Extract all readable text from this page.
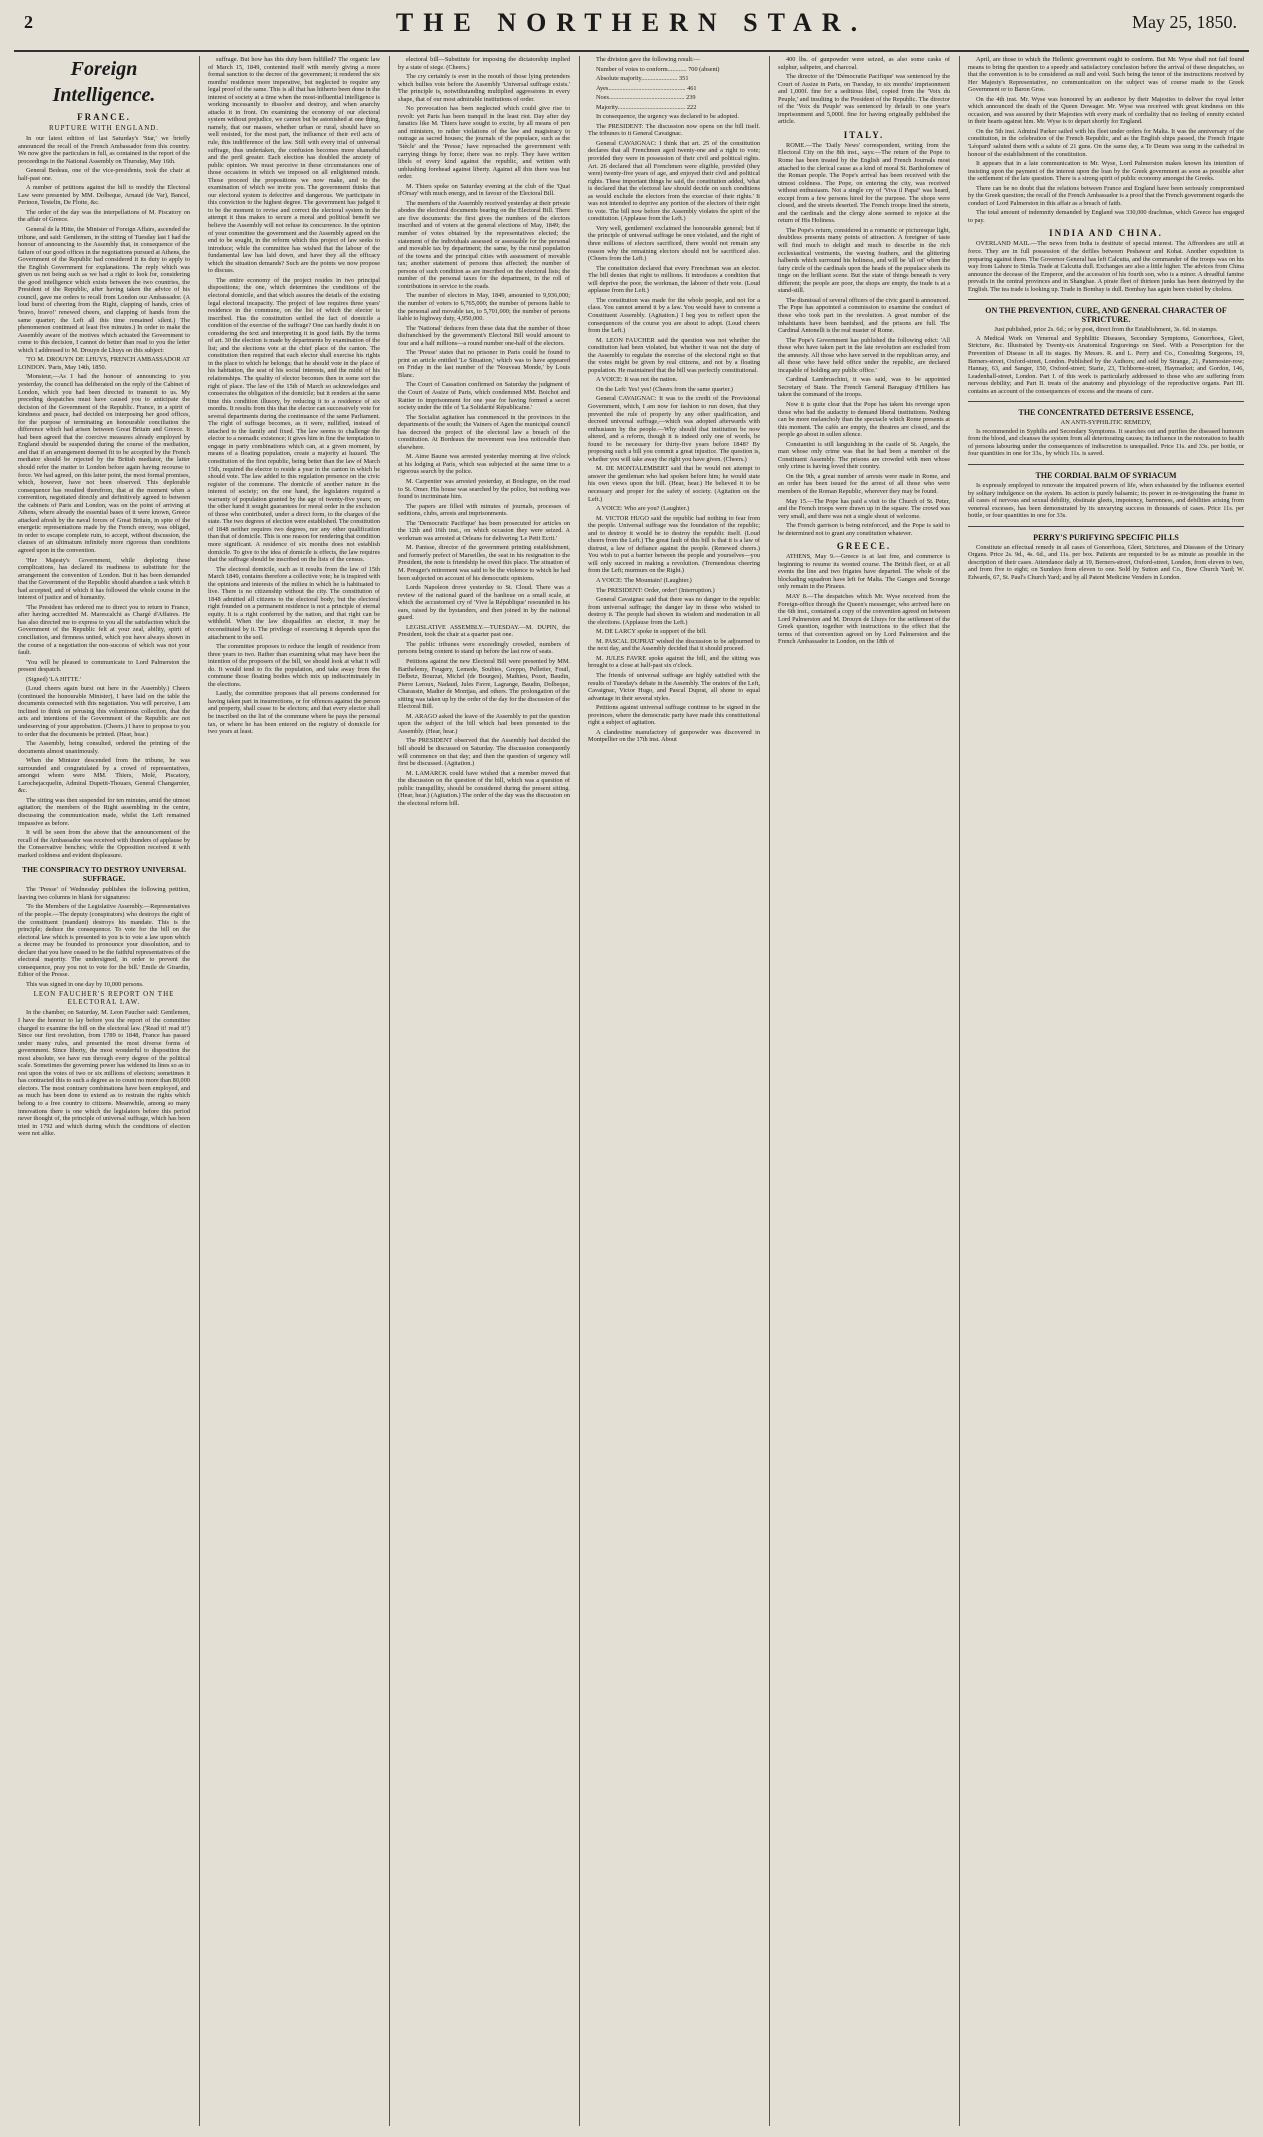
2	THE NORTHERN STAR.	May 25, 1850.
Foreign Intelligence.
FRANCE.
RUPTURE WITH ENGLAND.

In our latest edition of last Saturday's 'Star,' we briefly announced the recall of the French Ambassador from this country. We now give the particulars in full, as contained in the report of the proceedings in the National Assembly on Thursday, May 16th.

General Bedeau, one of the vice-presidents, took the chair at half-past one.

A number of petitions against the bill to modify the Electoral Law were presented by MM. Dolbeque, Arnaud (de Var), Bancel, Perinon, Testelin, De Flotte, &c.

The order of the day was the interpellations of M. Piscatory on the affair of Greece.

General de la Hitte, the Minister of Foreign Affairs, ascended the tribune, and said: Gentlemen, in the sitting of Tuesday last I had the honour of announcing to the Assembly that, in consequence of the failure of our good offices in the negotiations pursued at Athens, the Government of the Republic had considered it its duty to apply to the English Government for explanations. The reply which was given us not being such as we had a right to look for, considering the good intelligence which exists between the two countries, the President of the Republic, after having taken the advice of his council, gave me orders to recall from London our Ambassador. (A loud burst of cheering from the Right, clapping of hands, cries of 'bravo, bravo!' renewed cheers, and clapping of hands from the same quarter; the Left all this time remained silent.) The phenomenon continued at least five minutes.) In order to make the Assembly aware of the motives which actuated the Government to come to this decision, I cannot do better than read to you the letter which I addressed to M. Drouyn de Lhuys on this subject:

'TO M. DROUYN DE LHUYS, FRENCH AMBASSADOR AT LONDON. 'Paris, May 14th, 1850.

'Monsieur,—As I had the honour of announcing to you yesterday, the council has deliberated on the reply of the Cabinet of London, which you had been directed to transmit to us. My preceding despatches must have caused you to anticipate the decision of the Government of the Republic. France, in a spirit of kindness and peace, had decided on interposing her good offices, for the purpose of terminating an honourable conciliation the difference which had arisen between Great Britain and Greece. It had been agreed that the coercive measures already employed by England should be suspended during the course of the mediation, and that if an arrangement deemed fit to be accepted by the French mediator should be rejected by the British mediator, the latter should refer the matter to London before again having recourse to force. We had agreed, on this latter point, the most formal promises, which, however, have not been observed. This deplorable consequence has resulted therefrom, that at the moment when a convention, negotiated directly and definitively agreed to between the cabinets of Paris and London, was on the point of arriving at Athens, where already the essential bases of it were known, Greece attacked afresh by the naval forces of Great Britain, in spite of the energetic representations made by the French envoy, was obliged, in order to escape complete ruin, to accept, without discussion, the clauses of an ultimatum infinitely more rigorous than conditions agreed upon in the convention.

'Her Majesty's Government, while deploring these complications, has declared its readiness to substitute for the arrangement the convention of London. But it has been demanded that the Government of the Republic should abandon a task which it had accepted, and of which it has followed the whole course in the interest of justice and of humanity.

'The President has ordered me to direct you to return to France, after having accredited M. Marescalchi as Chargé d'Affaires. He has also directed me to express to you all the satisfaction which the Government of the Republic felt at your zeal, ability, spirit of conciliation, and firmness united, which you have always shown in the course of a negotiation the non-success of which was not your fault.

'You will be pleased to communicate to Lord Palmerston the present despatch.

(Signed) 'LA HITTE.'

(Loud cheers again burst out here in the Assembly.) Cheers (continued the honourable Minister), I have laid on the table the documents connected with this negotiation. You will perceive, I am inclined to think on perusing this voluminous collection, that the acts and intentions of the Government of the Republic are not undeserving of your approbation. (Cheers.) I have to propose to you to order that the documents be printed. (Hear, hear.)

The Assembly, being consulted, ordered the printing of the documents almost unanimously.

When the Minister descended from the tribune, he was surrounded and congratulated by a crowd of representatives, amongst whom were MM. Thiers, Molé, Piscatory, Larochejacquelin, Admiral Dupetit-Thouars, General Changarnier, &c.

The sitting was then suspended for ten minutes, amid the utmost agitation; the members of the Right assembling in the centre, discussing the communication made, whilst the Left remained impassive as before.

It will be seen from the above that the announcement of the recall of the Ambassador was received with thunders of applause by the Conservative benches; while the Opposition received it with marked coldness and evident displeasure.

THE CONSPIRACY TO DESTROY UNIVERSAL SUFFRAGE.

The 'Presse' of Wednesday publishes the following petition, leaving two columns in blank for signatures:

'To the Members of the Legislative Assembly.—Representatives of the people.—The deputy (conspirators) who destroys the right of the constituent (mandant) destroys his mandate. This is the principle; deduce the consequence. To vote for the bill on the electoral law which is presented to you is to vote a law upon which a decree may be founded to pronounce your dissolution, and to declare that you have ceased to be the faithful representatives of the electoral majority. The undersigned, in order to prevent the consequence, pray you not to vote for the bill.' Emile de Girardin, Editor of the Presse.

This was signed in one day by 10,000 persons.

LEON FAUCHER'S REPORT ON THE ELECTORAL LAW.

In the chamber, on Saturday, M. Leon Faucher said: Gentlemen, I have the honour to lay before you the report of the committee charged to examine the bill on the electoral law. ('Read it! read it!') Since our first revolution, from 1789 to 1848, France has passed under many rules, and presented the most diverse forms of government. Since liberty, the most wonderful to disposition the most absolute, we have run through every degree of the political scale. Sometimes the governing power has widened its lines so as to rest upon the votes of two or six millions of electors; sometimes it has contracted this to such a degree as to count no more than 80,000 electors. The most contrary combinations have been employed, and as much has been done to extend as to restrain the rights which belong to a free country to citizens. Meanwhile, among so many innovations there is one which the legislators before this period never thought of, the principle of universal suffrage, which has been tried in 1792 and which during which the conditions of election were not alike.

suffrage. But how has this duty been fulfilled? The organic law of March 15, 1849, contented itself with merely giving a more formal sanction to the decree of the government; it rendered the six months' residence more imperative, but neglected to require any legal proof of the same. This is all that has hitherto been done in the interest of society at a time when the most-influential intelligence is working incessantly to dissolve and destroy, and when anarchy attacks it in front. On examining the economy of our electoral system without prejudice, we cannot but be astonished at one thing, namely, that our masses, whether urban or rural, should have so well resisted, for the most part, the influence of their evil acts of rule, this indifference of the law. Still with every trial of universal suffrage, thus undertaken, the confusion becomes more shameful and the peril greater. Each election has doubled the anxiety of public opinion. We must perceive in these circumstances one of those occasions in which we imposed on all enlightened minds. Those proceed the propositions we now make, and to the examination of which we invite you. The government thinks that our electoral system is defective and dangerous. We participate in this conviction to the highest degree. The government has judged it to be the moment to revise and correct the electoral system in the attempt it thus makes to secure a moral and political benefit we believe the Assembly will not refuse its concurrence. In the opinion of your committee the government and the Assembly agreed on the end to be sought, in the reform which this project of law seeks to introduce; while the committee has wished that the labour of the fundamental law has laid down, and have they all the efficacy which the situation demands? Such are the points we now propose to discuss.

The entire economy of the project resides in two principal dispositions; the one, which determines the conditions of the electoral domicile, and that which assures the details of the existing legal electoral incapacity. The project of law requires three years' residence in the commune, on the list of which the elector is inscribed. Has the constitution settled the fact of domicile a condition of the exercise of the suffrage? One can hardly doubt it on considering the text and interpreting it in good faith. By the terms of art. 30 the election is made by departments by examination of the list; and the elections vote at the chief place of the canton. The constitution then required that each elector shall exercise his rights in the place to which he belongs; that he should vote in the place of his habitation, the seat of his social interests, and the midst of his relationships. The quality of elector becomes then in some sort the right of place. The law of the 15th of March so acknowledges and consecrates the obligation of the domicile; but it renders at the same time this condition illusory, by reducing it to a residence of six months. It results from this that the elector can successively vote for several departments during the continuance of the same Parliament. The right of suffrage becomes, as it were, nullified, instead of attached to the family and fixed. The law seems to challenge the elector to a nomadic existence; it gives him in fine the temptation to engage in party combinations which can, at a given moment, by means of a floating population, create a majority at hazard. The constitution of the first republic, being better than the law of March 15th, required the elector to reside a year in the canton in which he should vote. The law added to this regulation presence on the civic register of the commune. The domicile of another nature in the interest of society; on the one hand, the legislators required a warranty of population granted by the age of twenty-five years; on the other hand it sought guarantees for moral order in the exclusion of those who contributed, under a direct form, to the charges of the state. The two degrees of election were established. The constitution of 1848 neither requires two degrees, nor any other qualification than that of domicile. This is one reason for rendering that condition more significant. A residence of six months does not establish domicile. To give to the idea of domicile is effects, the law requires that the suffrage should be inscribed on the lists of the census.

The electoral domicile, such as it results from the law of 15th March 1849, contains therefore a collective vote; he is inspired with the opinions and interests of the milieu in which he is habituated to live. There is no citizenship without the city. The constitution of 1848 admitted all citizens to the electoral body; but the electoral right founded on a permanent residence is not a principle of eternal equity. It is a right conferred by the nation, and that right can be withheld. When the law disqualifies an elector, it may be reconstituted by it. The privilege of exercising it depends upon the attachment to the soil.

The committee proposes to reduce the length of residence from three years to two. Rather than examining what may have been the intention of the proposers of the bill, we should look at what it will do. It would tend to fix the population, and take away from the commune those floating bodies which mix up indiscriminately in the elections.

Lastly, the committee proposes that all persons condemned for having taken part in insurrections, or for offences against the person and property, shall cease to be electors; and that every elector shall be inscribed on the list of the commune where he pays the personal tax, or where he has been entered on the registry of domicile for two years at least.

electoral bill—Substitute for imposing the dictatorship implied by a state of siege. (Cheers.)

The cry certainly is ever in the mouth of those lying pretenders which bullies vote before the Assembly 'Universal suffrage exists.' The principle is, notwithstanding multiplied aggressions in every shape, that of our most admirable institutions of order.

No provocation has been neglected which could give rise to revolt: yet Paris has been tranquil in the least riot. Day after day fanatics like M. Thiers have sought to excite, by all means of pen and ministers, to rather violations of the law and magistracy to outrage as sacred houses; the journals of the populace, such as the 'Siècle' and the 'Presse,' have reproached the government with carrying things by force; there was no reply. They have written libels of every kind against the republic, and written with unblushing forehead against liberty. Against all this there was but order.

M. Thiers spoke on Saturday evening at the club of the 'Quai d'Orsay' with much energy, and in favour of the Electoral Bill.

The members of the Assembly received yesterday at their private abodes the electoral documents bearing on the Electoral Bill. There are five documents: the first gives the numbers of the electors inscribed and of voters at the general elections of May, 1849; the number of votes obtained by the representatives elected; the statement of the individuals assessed or assessable for the personal and movable tax by department; the same, by the rural population of the towns and the principal cities with assessment of movable tax; another statement of persons thus affected; the number of persons of such condition as are inscribed on the electoral lists; the number of the personal taxes for the department, in the roll of contributions in service to the roads.

The number of electors in May, 1849, amounted to 9,936,000; the number of voters to 6,765,000; the number of persons liable to the personal and movable tax, to 5,701,000; the number of persons liable to highway duty, 4,950,000.

The 'National' deduces from these data that the number of those disfranchised by the government's Electoral Bill would amount to four and a half millions—a round number one-half of the electors.

The 'Presse' states that no prisoner in Paris could be found to print an article entitled 'Le Situation,' which was to have appeared on Friday in the last number of the 'Nouveau Monde,' by Louis Blanc.

The Court of Cassation confirmed on Saturday the judgment of the Court of Assize of Paris, which condemned MM. Boichot and Rattier to imprisonment for one year for having formed a secret society under the title of 'La Solidarité Républicaine.'

The Socialist agitation has commenced in the provinces in the departments of the south; the Vainers of Agen the municipal council has decreed the project of the electoral law a breach of the constitution. At Bordeaux the movement was less noticeable than elsewhere.

M. Aime Baune was arrested yesterday morning at five o'clock at his lodging at Paris, which was subjected at the same time to a rigorous search by the police.

M. Carpentier was arrested yesterday, at Boulogne, on the road to St. Omer. His house was searched by the police, but nothing was found to incriminate him.

The papers are filled with minutes of journals, processes of seditions, clubs, arrests and imprisonments.

The 'Democratic Pacifique' has been prosecuted for articles on the 12th and 16th inst., on which occasion they were seized. A workman was arrested at Orleans for delivering 'Le Petit Ecrit.'

M. Panisse, director of the government printing establishment, and formerly prefect of Marseilles, the seat in his resignation to the President, the note is friendship he owed this place. The situation of M. Preuger's retirement was said to be the violence to which he had been subjected on account of his democratic opinions.

Lords Napoleon drove yesterday to St. Cloud. There was a review of the national guard of the banlieue on a small scale, at which the accustomed cry of 'Vive la République' resounded in his ears, raised by the bystanders, and then joined in by the national guard.

LEGISLATIVE ASSEMBLY.—TUESDAY.—M. DUPIN, the President, took the chair at a quarter past one.

The public tribunes were exceedingly crowded, numbers of persons being content to stand up before the last row of seats.

Petitions against the new Electoral Bill were presented by MM. Barthelemy, Feugery, Lemede, Soubies, Greppo, Pelletier, Fouil, Delbetz, Bourzat, Michel (de Bourges), Mathieu, Pozet, Baudin, Pierre Leroux, Nadaud, Jules Favre, Lagrange, Baudin, Dolbeque, Charassin, Madier de Montjau, and others. The prolongation of the sitting was taken up by the order of the day for the discussion of the Electoral Bill.

M. ARAGO asked the leave of the Assembly to put the question upon the subject of the bill which had been presented to the Assembly. (Hear, hear.)

The PRESIDENT observed that the Assembly had decided the bill should be discussed on Saturday. The discussion consequently will commence on that day; and then the question of urgency will first be discussed. (Agitation.)

M. LAMARCK could have wished that a member moved that the discussion on the question of the bill, which was a question of public tranquillity, should be considered during the present sitting. (Hear, hear.) (Agitation.) The order of the day was the discussion on the electoral reform bill.

The division gave the following result:—

Number of votes to conform............ 700 (absent)

Absolute majority....................... 351

Ayes................................................. 461

Noes................................................ 239

Majority........................................... 222

In consequence, the urgency was declared to be adopted.

The PRESIDENT: The discussion now opens on the bill itself. The tribunes to it General Cavaignac.

General CAVAIGNAC: I think that art. 25 of the constitution declares that all Frenchmen aged twenty-one and a right to vote; provided they were in possession of their civil and political rights. Art. 26 declared that all Frenchmen were eligible, provided (they were) twenty-five years of age, and enjoyed their civil and political rights. These important things he said, the constitution added, 'what is declared that the electoral law should decide on such conditions as would exclude the electors from the exercise of their rights.' It was not intended to deprive any portion of the electors of their right to vote. The bill now before the Assembly violates the spirit of the constitution. (Applause from the Left.)

Very well, gentlemen! exclaimed the honourable general; but if the principle of universal suffrage be once violated, and the right of three millions of electors sacrificed, there would not remain any reason why the remaining electors should not be sacrificed also. (Cheers from the Left.)

The constitution declared that every Frenchman was an elector. The bill denies that right to millions. It introduces a condition that will deprive the poor, the workman, the laborer of their vote. (Loud applause from the Left.)

The constitution was made for the whole people, and not for a class. You cannot amend it by a law. You would have to convene a Constituent Assembly. (Agitation.) I beg you to reflect upon the consequences of the course you are about to adopt. (Loud cheers from the Left.)

M. LEON FAUCHER said the question was not whether the constitution had been violated, but whether it was not the duty of the Assembly to regulate the exercise of the electoral right so that the votes might be given by real citizens, and not by a floating population. He maintained that the bill was perfectly constitutional.

A VOICE: It was not the nation.

On the Left: Yes! yes! (Cheers from the same quarter.)

General CAVAIGNAC: It was to the credit of the Provisional Government, which, I am now for fashion to run down, that they prevented the rule of property by any other qualification, and decreed universal suffrage,—which was adopted afterwards with enthusiasm by the people.—Why should that institution be now altered, and a reform, though it is indeed only one of words, be found to be necessary for thirty-five years before 1848? By proposing such a bill you commit a great injustice. The question is, whether you will take away the right you have given. (Cheers.)

M. DE MONTALEMBERT said that he would not attempt to answer the gentleman who had spoken before him; he would state his own views upon the bill. (Hear, hear.) He believed it to be necessary and proper for the safety of society. (Agitation on the Left.)

A VOICE: Who are you? (Laughter.)

M. VICTOR HUGO said the republic had nothing to fear from the people. Universal suffrage was the foundation of the republic; and to destroy it would be to destroy the republic itself. (Loud cheers from the Left.) The great fault of this bill is that it is a law of distrust, a law of defiance against the people. (Renewed cheers.) You wish to put a barrier between the people and yourselves—you will only succeed in making a revolution. (Tremendous cheering from the Left; murmurs on the Right.)

A VOICE: The Mountain! (Laughter.)

The PRESIDENT: Order, order! (Interruption.)

General Cavaignac said that there was no danger to the republic from universal suffrage; the danger lay in those who wished to destroy it. The people had shown its wisdom and moderation in all the elections. (Applause from the Left.)

M. DE LARCY spoke in support of the bill.

M. PASCAL DUPRAT wished the discussion to be adjourned to the next day, and the Assembly decided that it should proceed.

M. JULES FAVRE spoke against the bill, and the sitting was brought to a close at half-past six o'clock.

The friends of universal suffrage are highly satisfied with the results of Tuesday's debate in the Assembly. The orators of the Left, Cavaignac, Victor Hugo, and Pascal Duprat, all shone to equal advantage in their several styles.

Petitions against universal suffrage continue to be signed in the provinces, where the democratic party have made this constitutional right a subject of agitation.

A clandestine manufactory of gunpowder was discovered in Montpellier on the 17th inst. About

400 lbs. of gunpowder were seized, as also some casks of sulphur, saltpetre, and charcoal.

The director of the 'Démocratie Pacifique' was sentenced by the Court of Assize in Paris, on Tuesday, to six months' imprisonment and 1,000f. fine for a seditious libel, copied from the 'Voix du Peuple,' and insulting to the President of the Republic. The director of the 'Voix du Peuple' was sentenced by default to one year's imprisonment and 5,000f. fine for having originally published the article.

ITALY.

ROME.—The 'Daily News' correspondent, writing from the Electoral City on the 8th inst., says:—The return of the Pope to Rome has been treated by the English and French Journals most attached to the clerical cause as a kind of moral St. Bartholomew of the Roman people. The Pope's arrival has been received with the utmost coldness. The Pope, on entering the city, was received without enthusiasm. Not a single cry of 'Viva il Papa!' was heard, except from a few persons hired for the purpose. The shops were closed, and the streets deserted. The French troops lined the streets, and the cardinals and the clergy alone seemed to rejoice at the return of His Holiness.

The Pope's return, considered in a romantic or picturesque light, doubtless presents many points of attraction. A foreigner of taste will find much to delight and much to describe in the rich ecclesiastical vestments, the waving feathers, and the glittering halberds which surround his holiness, and will be 'all on' when the fairy circle of the cardinals upon the heads of the populace sheds its tinge on the brilliant scene. But the state of things beneath is very different; the people are poor, the shops are empty, the trade is at a stand-still.

The dismissal of several officers of the civic guard is announced. The Pope has appointed a commission to examine the conduct of those who took part in the revolution. A great number of the inhabitants have been banished, and the prisons are full. The Cardinal Antonelli is the real master of Rome.

The Pope's Government has published the following edict: 'All those who have taken part in the late revolution are excluded from the amnesty. All those who have served in the republican army, and all those who have held office under the republic, are declared incapable of holding any public office.'

Cardinal Lambruschini, it was said, was to be appointed Secretary of State. The French General Baraguay d'Hilliers has taken the command of the troops.

Now it is quite clear that the Pope has taken his revenge upon those who had the audacity to demand liberal institutions. Nothing can be more melancholy than the spectacle which Rome presents at this moment. The cafés are empty, the theatres are closed, and the people go about in sullen silence.

Constantini is still languishing in the castle of St. Angelo, the man whose only crime was that he had been a member of the Constituent Assembly. The prisons are crowded with men whose only crime is having loved their country.

On the 9th, a great number of arrests were made in Rome, and an order has been issued for the arrest of all those who were members of the Roman Republic, wherever they may be found.

May 15.—The Pope has paid a visit to the Church of St. Peter, and the French troops were drawn up in the square. The crowd was very small, and there was not a single shout of welcome.

The French garrison is being reinforced, and the Pope is said to be determined not to grant any constitution whatever.

GREECE.

ATHENS, May 9.—Greece is at last free, and commerce is beginning to resume its wonted course. The British fleet, or at all events the line and two frigates have departed. The whole of the blockading squadron have left for Malta. The Ganges and Scourge only remain in the Piraeus.

MAY 8.—The despatches which Mr. Wyse received from the Foreign-office through the Queen's messenger, who arrived here on the 6th inst., contained a copy of the convention agreed on between Lord Palmerston and M. Drouyn de Lhuys for the settlement of the Greek question, together with instructions to the effect that the terms of that convention agreed on by Lord Palmerston and the French Ambassador in London, on the 18th of

April, are those to which the Hellenic government ought to conform. But Mr. Wyse shall not fail found means to bring the question to a speedy and satisfactory conclusion before the arrival of these despatches, so that the convention is to be considered as null and void. Such being the tenor of the instructions received by Her Majesty's Representative, no communication on the subject was of course made to the Greek Government or to Baron Gros.

On the 4th inst. Mr. Wyse was honoured by an audience by their Majesties to deliver the royal letter which announced the death of the Queen Dowager. Mr. Wyse was received with great kindness on this occasion, and was assured by their Majesties with every mark of cordiality that no feeling of enmity existed in their hearts against him. Mr. Wyse is to depart shortly for England.

On the 5th inst. Admiral Parker sailed with his fleet under orders for Malta. It was the anniversary of the constitution, in the celebration of the French Republic, and as the English ships passed, the French frigate 'Léopard' saluted them with a salute of 21 guns. On the same day, a Te Deum was sung in the cathedral in honour of the establishment of the constitution.

It appears that in a late communication to Mr. Wyse, Lord Palmerston makes known his intention of insisting upon the payment of the interest upon the loan by the Greek government as soon as possible after the settlement of the late question. There is a strong spirit of public economy amongst the Greeks.

There can be no doubt that the relations between France and England have been seriously compromised by the Greek question; the recall of the French Ambassador is a proof that the French government regards the conduct of Lord Palmerston in this affair as a breach of faith.

The total amount of indemnity demanded by England was 330,000 drachmas, which Greece has engaged to pay.

INDIA AND CHINA.

OVERLAND MAIL.—The news from India is destitute of special interest. The Affreedees are still at force. They are in full possession of the defiles between Peshawur and Kohat. Another expedition is preparing against them. The Governor General has left Calcutta, and the commander of the troops was on his way from Lahore to Simla. Trade at Calcutta dull. Exchanges are also a little higher. The advices from China announce the decease of the Emperor, and the accession of his fourth son, who is a minor. A dreadful famine prevails in the central provinces and in Shanghae. A pirate fleet of thirteen junks has been destroyed by the English. The tea trade is looking up. Trade in Bombay is dull. Bombay has again been visited by cholera.

ON THE PREVENTION, CURE, AND GENERAL CHARACTER OF STRICTURE.
Just published, price 2s. 6d.; or by post, direct from the Establishment, 3s. 6d. in stamps.

A Medical Work on Venereal and Syphilitic Diseases, Secondary Symptoms, Gonorrhoea, Gleet, Stricture, &c. Illustrated by Twenty-six Anatomical Engravings on Steel. With a Prescription for the Prevention of Disease in all its stages. By Messrs. R. and L. Perry and Co., Consulting Surgeons, 19, Berners-street, Oxford-street, London. Published by the Authors; and sold by Strange, 21, Paternoster-row; Hannay, 63, and Sanger, 150, Oxford-street; Starie, 23, Tichborne-street, Haymarket; and Gordon, 146, Leadenhall-street, London. Part I. of this work is particularly addressed to those who are suffering from nervous debility; and Part II. treats of the anatomy and physiology of the reproductive organs. Part III. contains an account of the consequences of excess and the means of cure.

THE CONCENTRATED DETERSIVE ESSENCE,
AN ANTI-SYPHILITIC REMEDY,

Is recommended in Syphilis and Secondary Symptoms. It searches out and purifies the diseased humours from the blood, and cleanses the system from all deteriorating causes; its influence in the restoration to health of persons labouring under the consequences of indiscretion is unequalled. Price 11s. and 33s. per bottle, or four quantities in one for 33s., by which 11s. is saved.

THE CORDIAL BALM OF SYRIACUM

Is expressly employed to renovate the impaired powers of life, when exhausted by the influence exerted by solitary indulgence on the system. Its action is purely balsamic; its power in re-invigorating the frame in all cases of nervous and sexual debility, obstinate gleets, impotency, barrenness, and debilities arising from venereal excesses, has been demonstrated by its unvarying success in thousands of cases. Price 11s. per bottle, or four quantities in one for 33s.

PERRY'S PURIFYING SPECIFIC PILLS

Constitute an effectual remedy in all cases of Gonorrhoea, Gleet, Strictures, and Diseases of the Urinary Organs. Price 2s. 9d., 4s. 6d., and 11s. per box. Patients are requested to be as minute as possible in the description of their cases. Attendance daily at 19, Berners-street, Oxford-street, London, from eleven to two, and from five to eight; on Sundays from eleven to one. Sold by Sutton and Co., Bow Church Yard; W. Edwards, 67, St. Paul's Church Yard; and by all Patent Medicine Venders in London.
